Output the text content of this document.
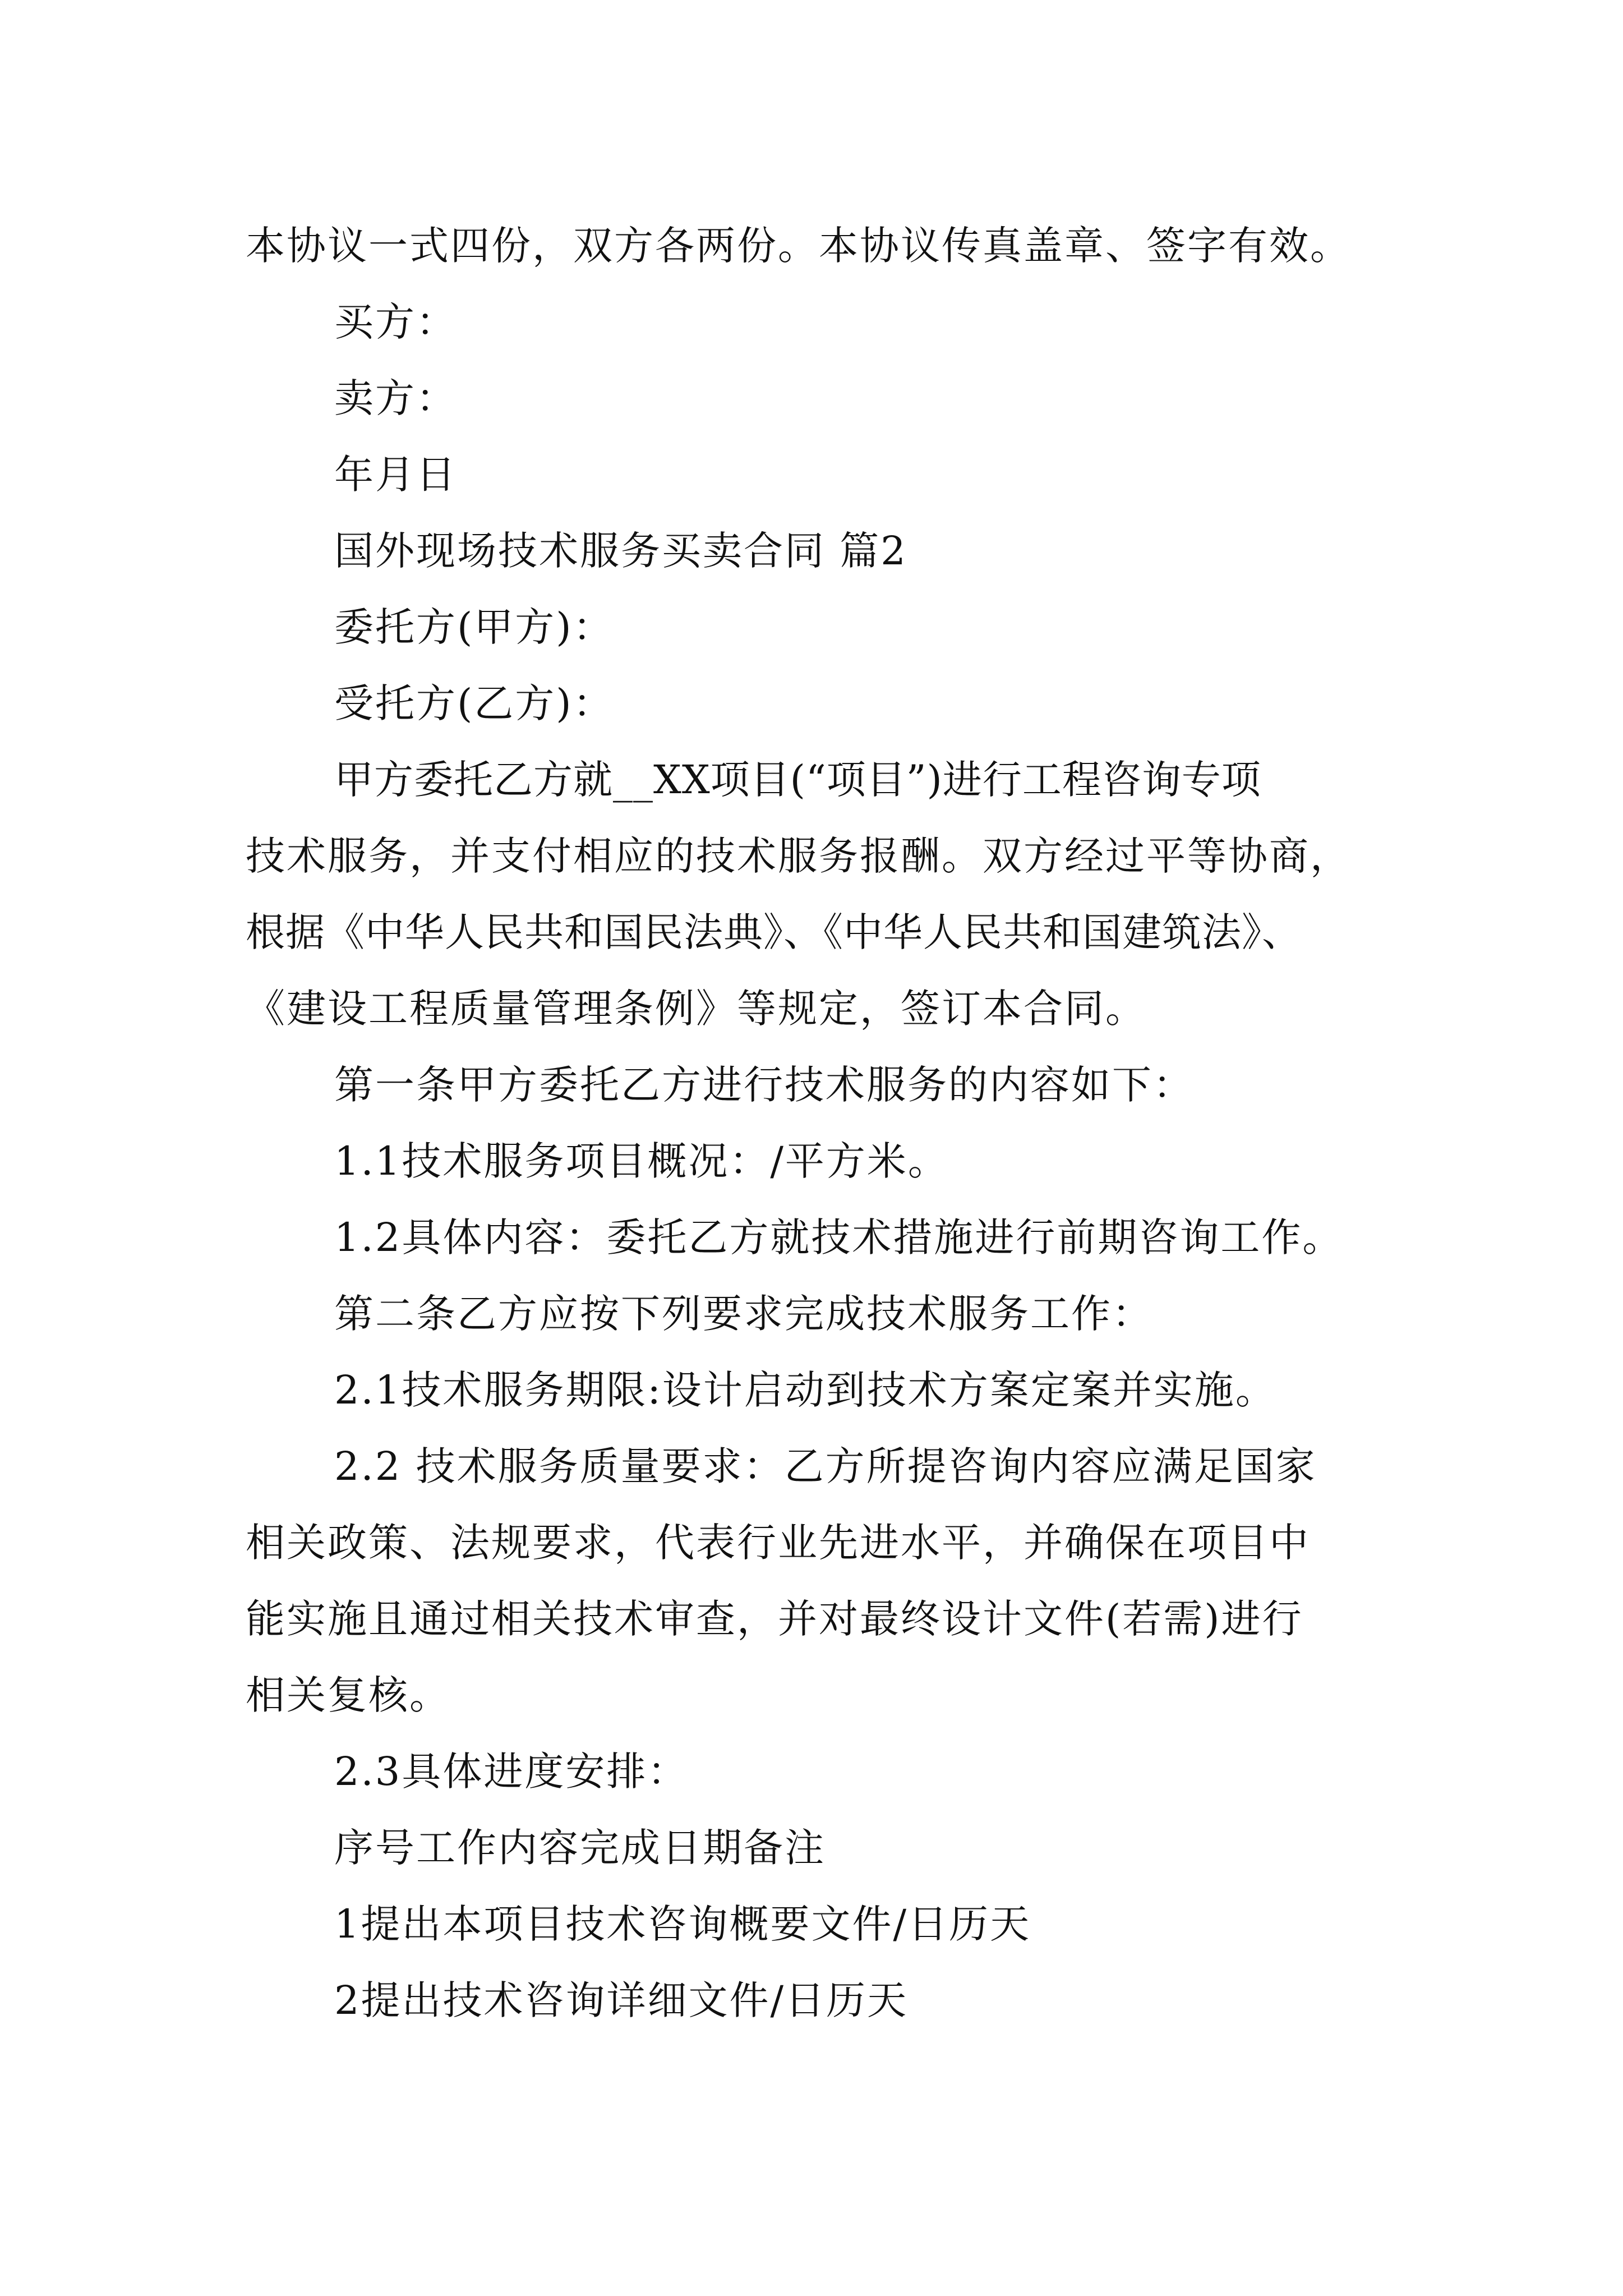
本协议一式四份，双方各两份。本协议传真盖章、签字有效。
买方：
卖方：
年月日
国外现场技术服务买卖合同 篇2
委托方(甲方)：
受托方(乙方)：
甲方委托乙方就__XX项目(“项目”)进行工程咨询专项
技术服务，并支付相应的技术服务报酬。双方经过平等协商，
根据《中华人民共和国民法典》、《中华人民共和国建筑法》、
《建设工程质量管理条例》等规定，签订本合同。
第一条甲方委托乙方进行技术服务的内容如下：
1.1技术服务项目概况：/平方米。
1.2具体内容：委托乙方就技术措施进行前期咨询工作。
第二条乙方应按下列要求完成技术服务工作：
2.1技术服务期限:设计启动到技术方案定案并实施。
2.2 技术服务质量要求：乙方所提咨询内容应满足国家
相关政策、法规要求，代表行业先进水平，并确保在项目中
能实施且通过相关技术审查，并对最终设计文件(若需)进行
相关复核。
2.3具体进度安排：
序号工作内容完成日期备注
1提出本项目技术咨询概要文件/日历天
2提出技术咨询详细文件/日历天
